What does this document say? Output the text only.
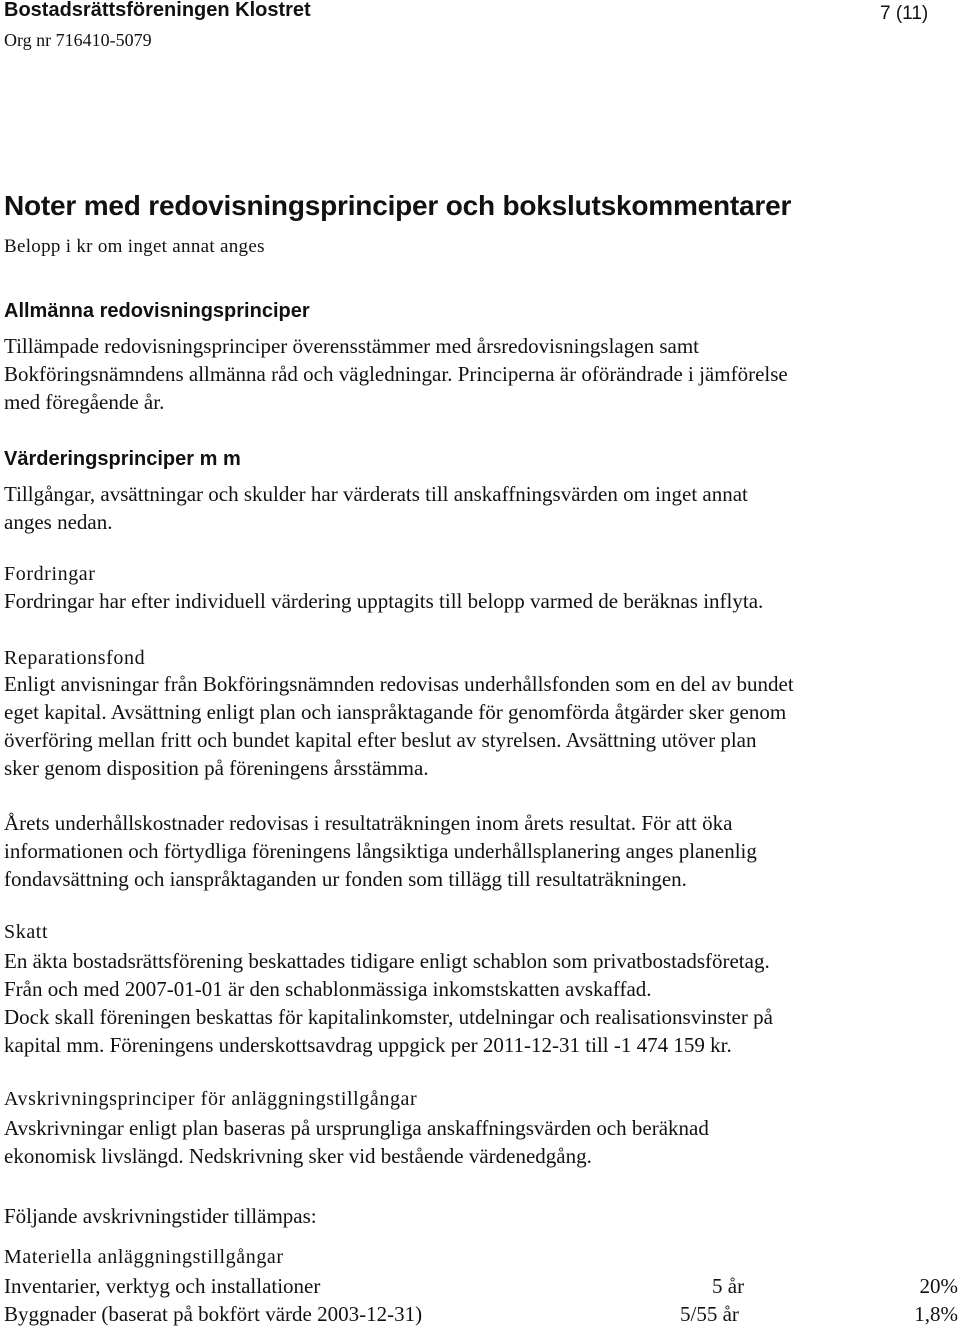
Bostadsrättsföreningen Klostret
Org nr 716410-5079
7 (11)
Noter med redovisningsprinciper och bokslutskommentarer
Belopp i kr om inget annat anges
Allmänna redovisningsprinciper
Tillämpade redovisningsprinciper överensstämmer med årsredovisningslagen samt
Bokföringsnämndens allmänna råd och vägledningar. Principerna är oförändrade i jämförelse
med föregående år.
Värderingsprinciper m m
Tillgångar, avsättningar och skulder har värderats till anskaffningsvärden om inget annat
anges nedan.
Fordringar
Fordringar har efter individuell värdering upptagits till belopp varmed de beräknas inflyta.
Reparationsfond
Enligt anvisningar från Bokföringsnämnden redovisas underhållsfonden som en del av bundet
eget kapital. Avsättning enligt plan och ianspråktagande för genomförda åtgärder sker genom
överföring mellan fritt och bundet kapital efter beslut av styrelsen. Avsättning utöver plan
sker genom disposition på föreningens årsstämma.
Årets underhållskostnader redovisas i resultaträkningen inom årets resultat. För att öka
informationen och förtydliga föreningens långsiktiga underhållsplanering anges planenlig
fondavsättning och ianspråktaganden ur fonden som tillägg till resultaträkningen.
Skatt
En äkta bostadsrättsförening beskattades tidigare enligt schablon som privatbostadsföretag.
Från och med 2007-01-01 är den schablonmässiga inkomstskatten avskaffad.
Dock skall föreningen beskattas för kapitalinkomster, utdelningar och realisationsvinster på
kapital mm. Föreningens underskottsavdrag uppgick per 2011-12-31 till -1 474 159 kr.
Avskrivningsprinciper för anläggningstillgångar
Avskrivningar enligt plan baseras på ursprungliga anskaffningsvärden och beräknad
ekonomisk livslängd. Nedskrivning sker vid bestående värdenedgång.
Följande avskrivningstider tillämpas:
Materiella anläggningstillgångar
Inventarier, verktyg och installationer	5 år	20%
Byggnader (baserat på bokfört värde 2003-12-31)	5/55 år	1,8%
